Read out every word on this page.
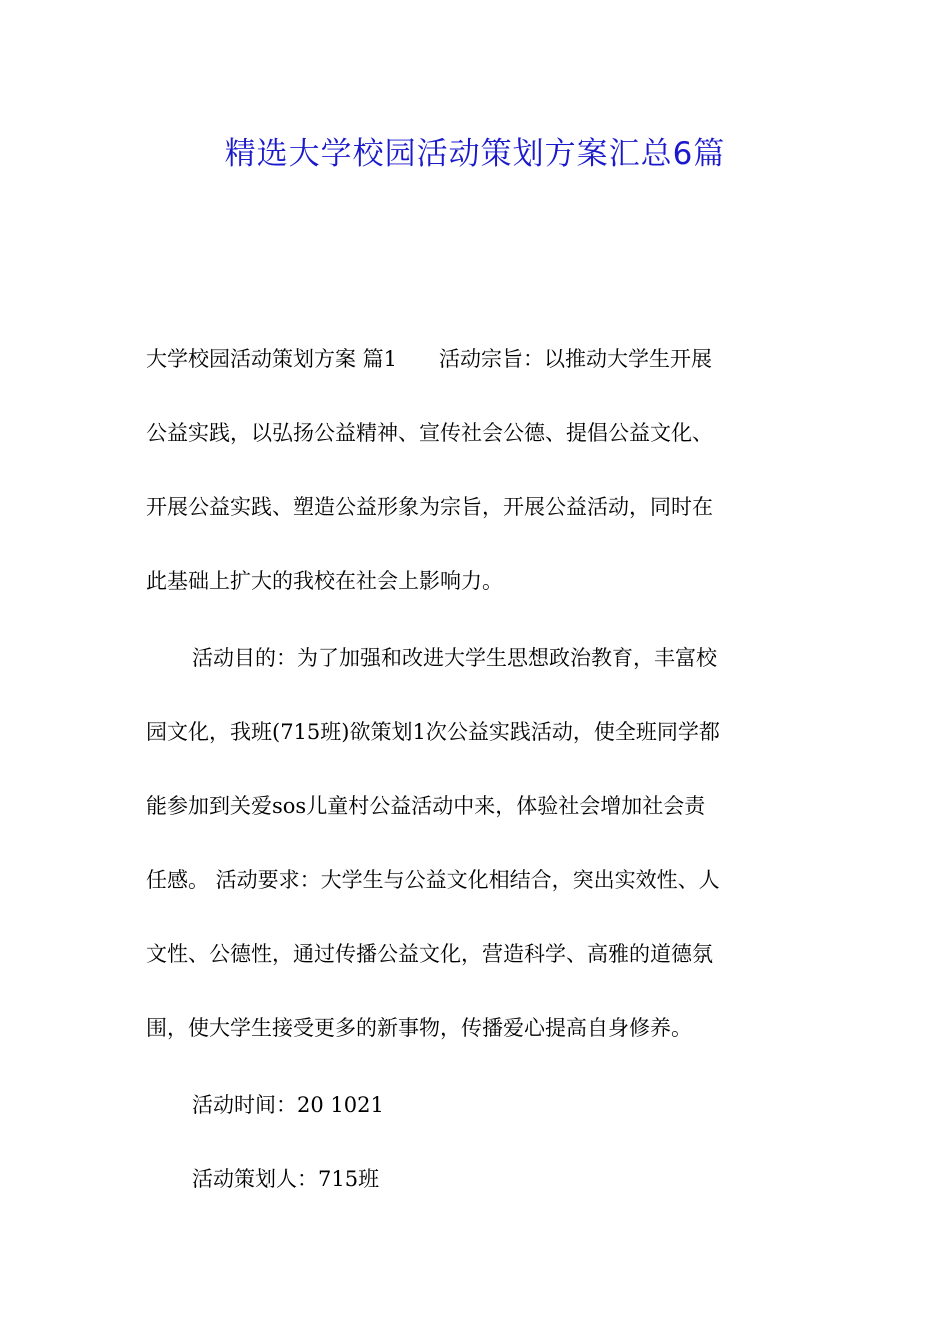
精选大学校园活动策划方案汇总6篇
大学校园活动策划方案 篇1　　活动宗旨：以推动大学生开展
公益实践，以弘扬公益精神、宣传社会公德、提倡公益文化、
开展公益实践、塑造公益形象为宗旨，开展公益活动，同时在
此基础上扩大的我校在社会上影响力。
活动目的：为了加强和改进大学生思想政治教育，丰富校
园文化，我班(715班)欲策划1次公益实践活动，使全班同学都
能参加到关爱sos儿童村公益活动中来，体验社会增加社会责
任感。 活动要求：大学生与公益文化相结合，突出实效性、人
文性、公德性，通过传播公益文化，营造科学、高雅的道德氛
围，使大学生接受更多的新事物，传播爱心提高自身修养。
活动时间：20 1021
活动策划人：715班
